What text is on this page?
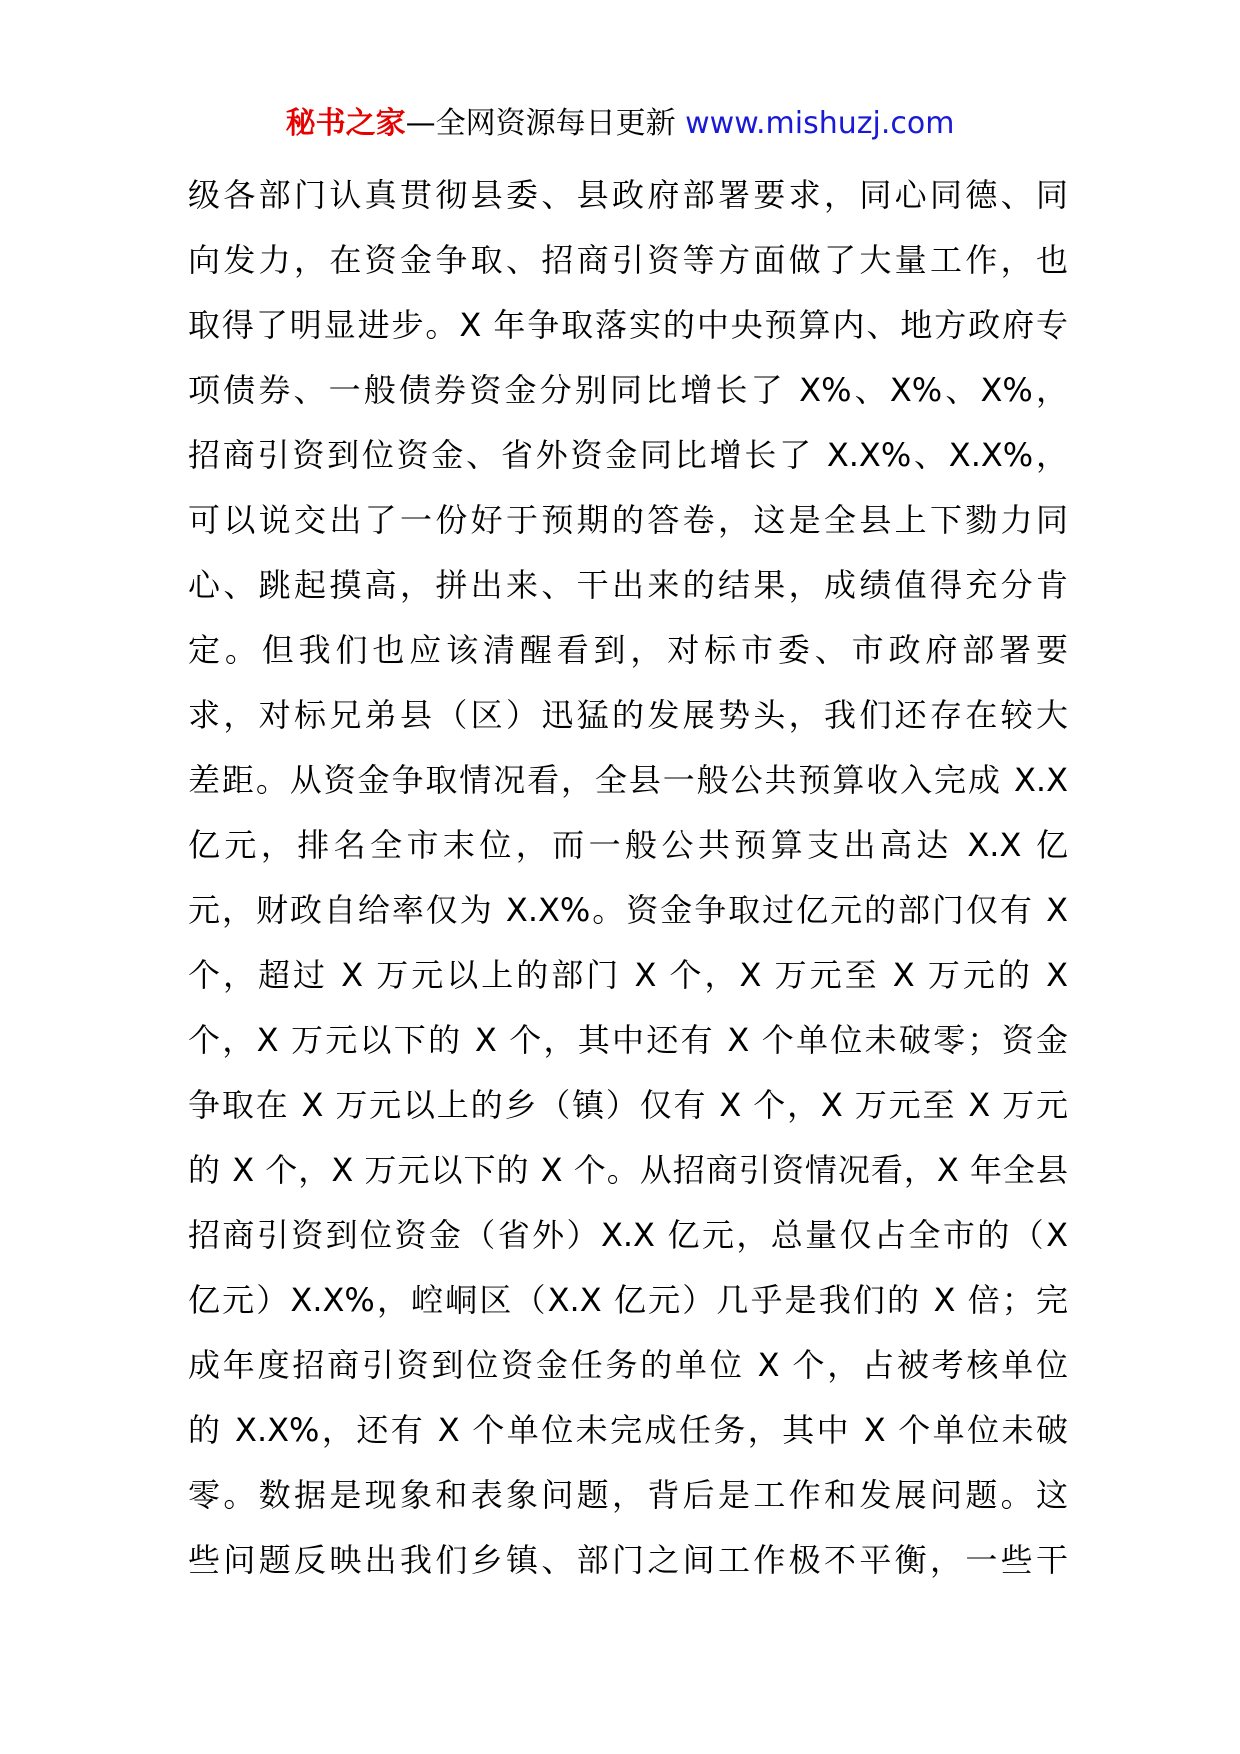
秘书之家—全网资源每日更新 www.mishuzj.com
级各部门认真贯彻县委、县政府部署要求，同心同德、同
向发力，在资金争取、招商引资等方面做了大量工作，也
取得了明显进步。X 年争取落实的中央预算内、地方政府专
项债券、一般债券资金分别同比增长了 X%、X%、X%，
招商引资到位资金、省外资金同比增长了 X.X%、X.X%，
可以说交出了一份好于预期的答卷，这是全县上下勠力同
心、跳起摸高，拼出来、干出来的结果，成绩值得充分肯
定。但我们也应该清醒看到，对标市委、市政府部署要
求，对标兄弟县（区）迅猛的发展势头，我们还存在较大
差距。从资金争取情况看，全县一般公共预算收入完成 X.X
亿元，排名全市末位，而一般公共预算支出高达 X.X 亿
元，财政自给率仅为 X.X%。资金争取过亿元的部门仅有 X
个，超过 X 万元以上的部门 X 个，X 万元至 X 万元的 X
个，X 万元以下的 X 个，其中还有 X 个单位未破零；资金
争取在 X 万元以上的乡（镇）仅有 X 个，X 万元至 X 万元
的 X 个，X 万元以下的 X 个。从招商引资情况看，X 年全县
招商引资到位资金（省外）X.X 亿元，总量仅占全市的（X
亿元）X.X%，崆峒区（X.X 亿元）几乎是我们的 X 倍；完
成年度招商引资到位资金任务的单位 X 个，占被考核单位
的 X.X%，还有 X 个单位未完成任务，其中 X 个单位未破
零。数据是现象和表象问题，背后是工作和发展问题。这
些问题反映出我们乡镇、部门之间工作极不平衡，一些干
